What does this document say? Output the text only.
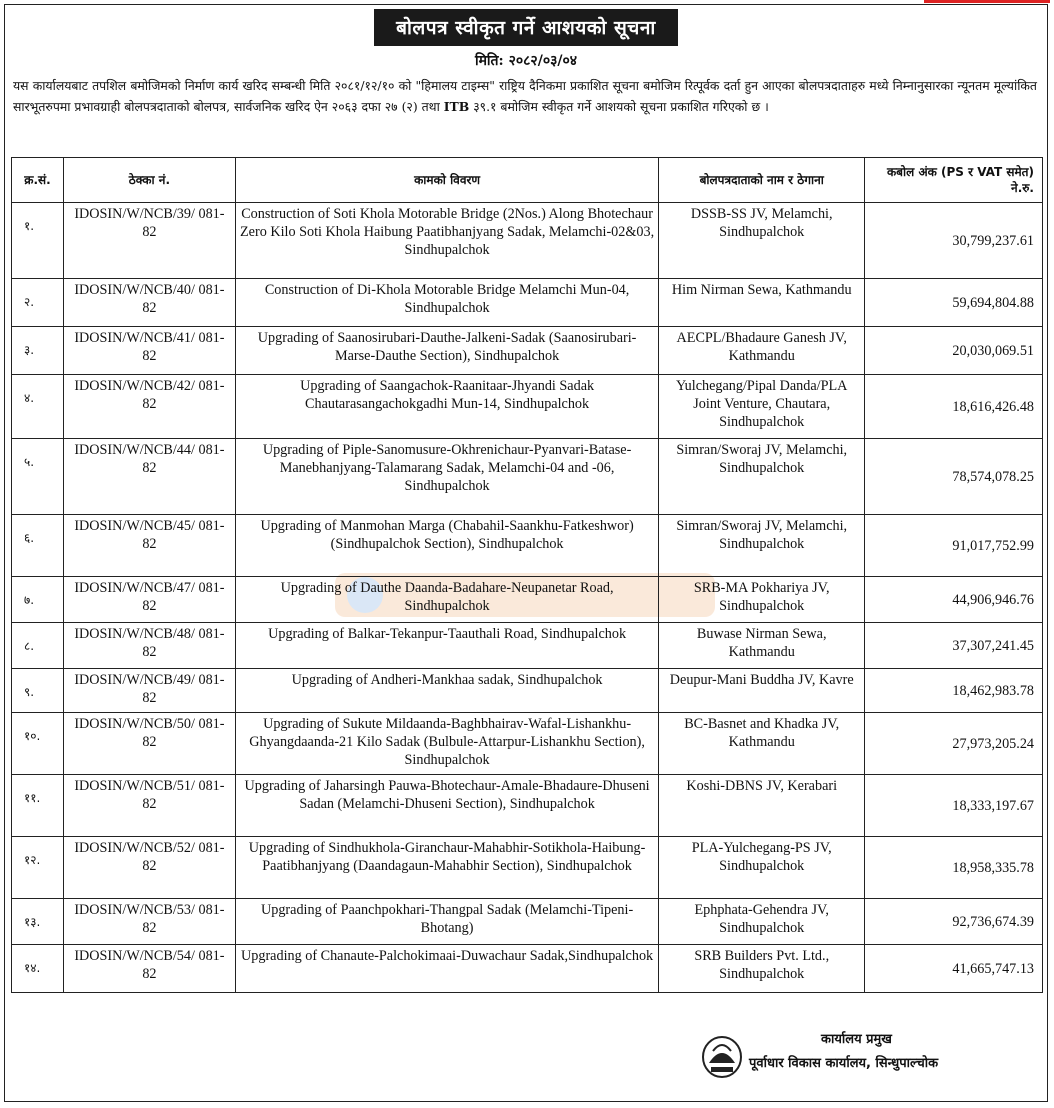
बोलपत्र स्वीकृत गर्ने आशयको सूचना
मिति: २०८२/०३/०४
यस कार्यालयबाट तपशिल बमोजिमको निर्माण कार्य खरिद सम्बन्धी मिति २०८१/१२/१० को "हिमालय टाइम्स" राष्ट्रिय दैनिकमा प्रकाशित सूचना बमोजिम रित्पूर्वक दर्ता हुन आएका बोलपत्रदाताहरु मध्ये निम्नानुसारका न्यूनतम मूल्यांकित सारभूतरुपमा प्रभावग्राही बोलपत्रदाताको बोलपत्र, सार्वजनिक खरिद ऐन २०६३ दफा २७ (२) तथा ITB ३९.१ बमोजिम स्वीकृत गर्ने आशयको सूचना प्रकाशित गरिएको छ ।
क्र.सं.	ठेक्का नं.	कामको विवरण	बोलपत्रदाताको नाम र ठेगाना	कबोल अंक (PS र VAT समेत) ने.रु.
१.	IDOSIN/W/NCB/39/ 081-82	Construction of Soti Khola Motorable Bridge (2Nos.) Along Bhotechaur Zero Kilo Soti Khola Haibung Paatibhanjyang Sadak, Melamchi-02&03, Sindhupalchok	DSSB-SS JV, Melamchi, Sindhupalchok	30,799,237.61
२.	IDOSIN/W/NCB/40/ 081-82	Construction of Di-Khola Motorable Bridge Melamchi Mun-04, Sindhupalchok	Him Nirman Sewa, Kathmandu	59,694,804.88
३.	IDOSIN/W/NCB/41/ 081-82	Upgrading of Saanosirubari-Dauthe-Jalkeni-Sadak (Saanosirubari-Marse-Dauthe Section), Sindhupalchok	AECPL/Bhadaure Ganesh JV, Kathmandu	20,030,069.51
४.	IDOSIN/W/NCB/42/ 081-82	Upgrading of Saangachok-Raanitaar-Jhyandi Sadak Chautarasangachokgadhi Mun-14, Sindhupalchok	Yulchegang/Pipal Danda/PLA Joint Venture, Chautara, Sindhupalchok	18,616,426.48
५.	IDOSIN/W/NCB/44/ 081-82	Upgrading of Piple-Sanomusure-Okhrenichaur-Pyanvari-Batase-Manebhanjyang-Talamarang Sadak, Melamchi-04 and -06, Sindhupalchok	Simran/Sworaj JV, Melamchi, Sindhupalchok	78,574,078.25
६.	IDOSIN/W/NCB/45/ 081-82	Upgrading of Manmohan Marga (Chabahil-Saankhu-Fatkeshwor) (Sindhupalchok Section), Sindhupalchok	Simran/Sworaj JV, Melamchi, Sindhupalchok	91,017,752.99
७.	IDOSIN/W/NCB/47/ 081-82	Upgrading of Dauthe Daanda-Badahare-Neupanetar Road, Sindhupalchok	SRB-MA Pokhariya JV, Sindhupalchok	44,906,946.76
८.	IDOSIN/W/NCB/48/ 081-82	Upgrading of Balkar-Tekanpur-Taauthali Road, Sindhupalchok	Buwase Nirman Sewa, Kathmandu	37,307,241.45
९.	IDOSIN/W/NCB/49/ 081-82	Upgrading of Andheri-Mankhaa sadak, Sindhupalchok	Deupur-Mani Buddha JV, Kavre	18,462,983.78
१०.	IDOSIN/W/NCB/50/ 081-82	Upgrading of Sukute Mildaanda-Baghbhairav-Wafal-Lishankhu-Ghyangdaanda-21 Kilo Sadak (Bulbule-Attarpur-Lishankhu Section), Sindhupalchok	BC-Basnet and Khadka JV, Kathmandu	27,973,205.24
११.	IDOSIN/W/NCB/51/ 081-82	Upgrading of Jaharsingh Pauwa-Bhotechaur-Amale-Bhadaure-Dhuseni Sadan (Melamchi-Dhuseni Section), Sindhupalchok	Koshi-DBNS JV, Kerabari	18,333,197.67
१२.	IDOSIN/W/NCB/52/ 081-82	Upgrading of Sindhukhola-Giranchaur-Mahabhir-Sotikhola-Haibung-Paatibhanjyang (Daandagaun-Mahabhir Section), Sindhupalchok	PLA-Yulchegang-PS JV, Sindhupalchok	18,958,335.78
१३.	IDOSIN/W/NCB/53/ 081-82	Upgrading of Paanchpokhari-Thangpal Sadak (Melamchi-Tipeni-Bhotang)	Ephphata-Gehendra JV, Sindhupalchok	92,736,674.39
१४.	IDOSIN/W/NCB/54/ 081-82	Upgrading of Chanaute-Palchokimaai-Duwachaur Sadak,Sindhupalchok	SRB Builders Pvt. Ltd., Sindhupalchok	41,665,747.13
कार्यालय प्रमुख
पूर्वाधार विकास कार्यालय, सिन्धुपाल्चोक
